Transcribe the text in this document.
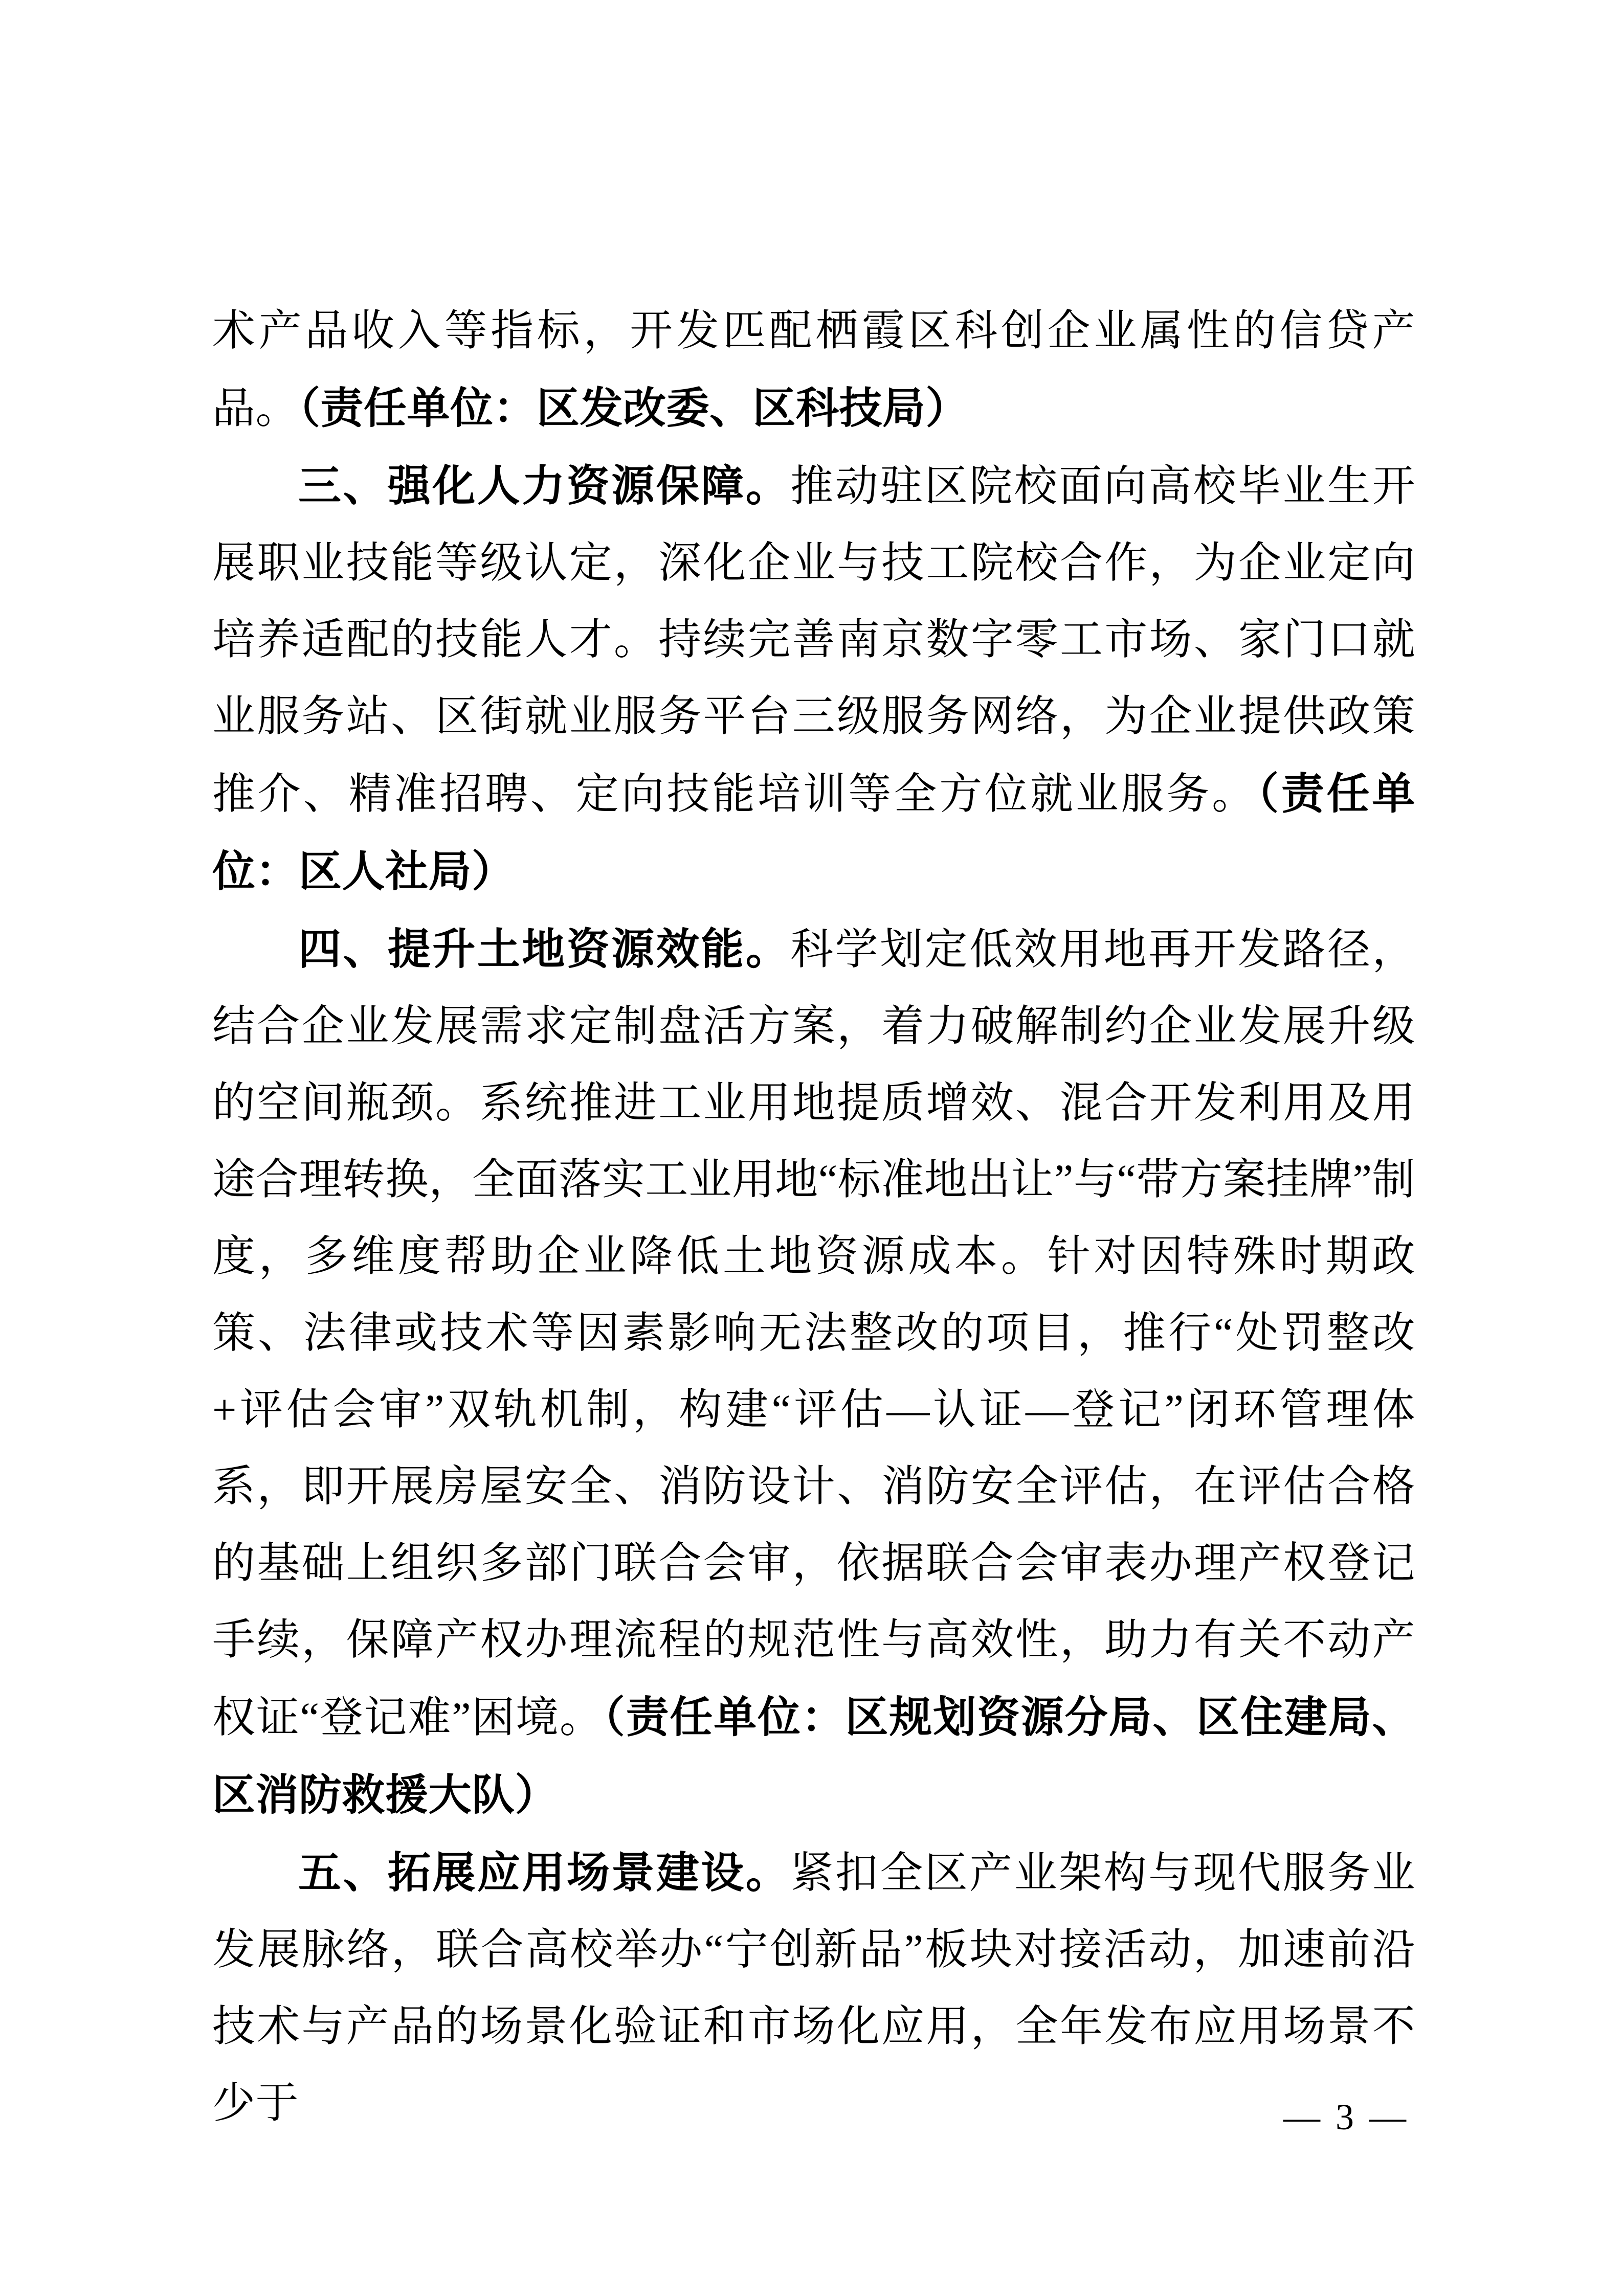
术产品收入等指标，开发匹配栖霞区科创企业属性的信贷产品。（责任单位：区发改委、区科技局）

三、强化人力资源保障。推动驻区院校面向高校毕业生开展职业技能等级认定，深化企业与技工院校合作，为企业定向培养适配的技能人才。持续完善南京数字零工市场、家门口就业服务站、区街就业服务平台三级服务网络，为企业提供政策推介、精准招聘、定向技能培训等全方位就业服务。（责任单位：区人社局）

四、提升土地资源效能。科学划定低效用地再开发路径，结合企业发展需求定制盘活方案，着力破解制约企业发展升级的空间瓶颈。系统推进工业用地提质增效、混合开发利用及用途合理转换，全面落实工业用地“标准地出让”与“带方案挂牌”制度，多维度帮助企业降低土地资源成本。针对因特殊时期政策、法律或技术等因素影响无法整改的项目，推行“处罚整改+评估会审”双轨机制，构建“评估—认证—登记”闭环管理体系，即开展房屋安全、消防设计、消防安全评估，在评估合格的基础上组织多部门联合会审，依据联合会审表办理产权登记手续，保障产权办理流程的规范性与高效性，助力有关不动产权证“登记难”困境。（责任单位：区规划资源分局、区住建局、区消防救援大队）

五、拓展应用场景建设。紧扣全区产业架构与现代服务业发展脉络，联合高校举办“宁创新品”板块对接活动，加速前沿技术与产品的场景化验证和市场化应用，全年发布应用场景不少于	— 3 —
